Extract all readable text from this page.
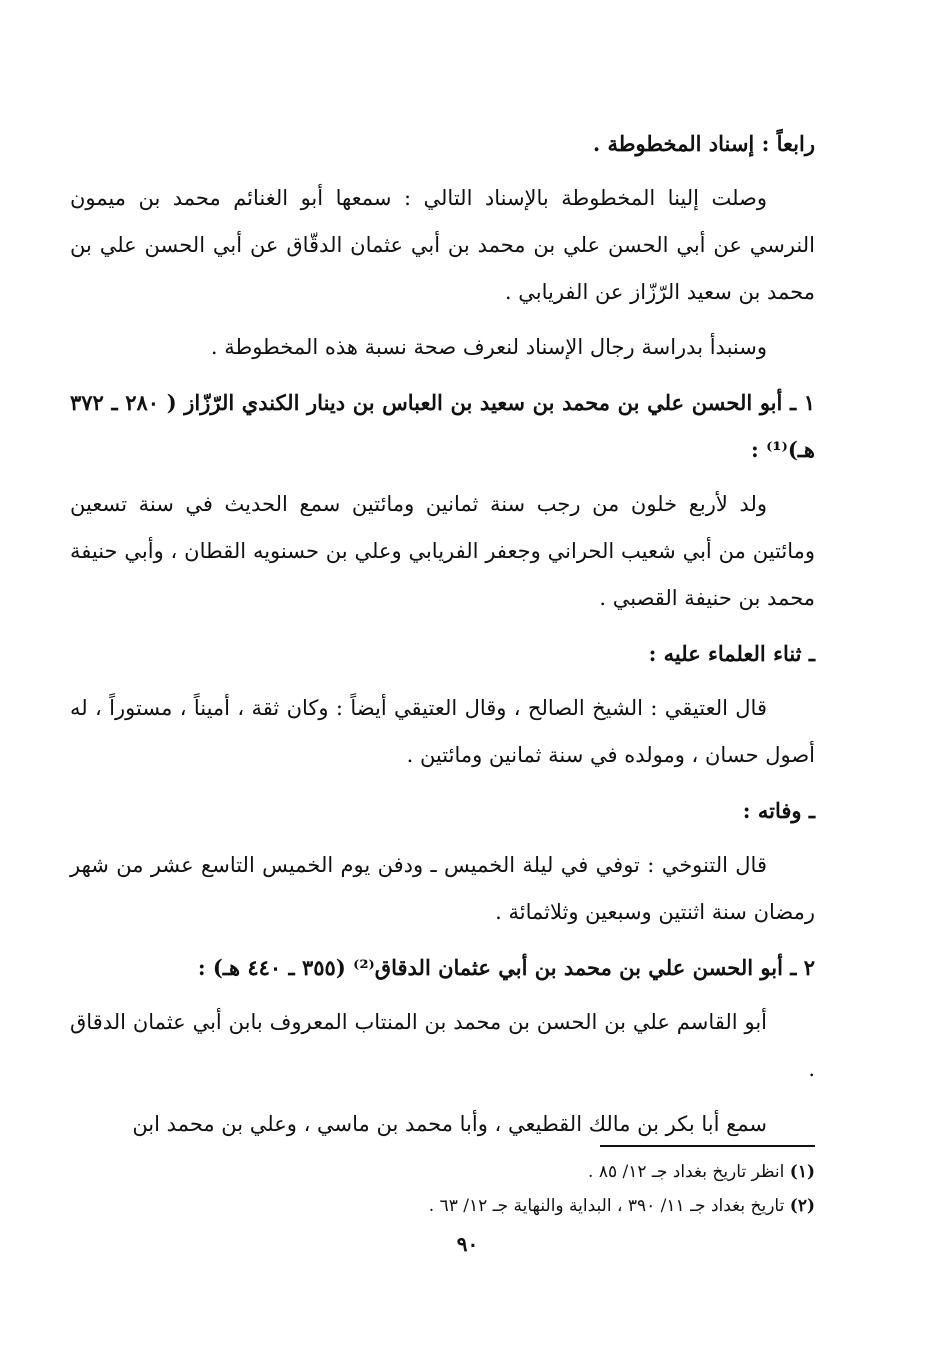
رابعاً : إسناد المخطوطة .

وصلت إلينا المخطوطة بالإسناد التالي : سمعها أبو الغنائم محمد بن ميمون النرسي عن أبي الحسن علي بن محمد بن أبي عثمان الدقّاق عن أبي الحسن علي بن محمد بن سعيد الرّزّاز عن الفريابي .

وسنبدأ بدراسة رجال الإسناد لنعرف صحة نسبة هذه المخطوطة .

١ ـ أبو الحسن علي بن محمد بن سعيد بن العباس بن دينار الكندي الرّزّاز ( ٢٨٠ ـ ٣٧٢ هـ)⁽¹⁾ :

ولد لأربع خلون من رجب سنة ثمانين ومائتين سمع الحديث في سنة تسعين ومائتين من أبي شعيب الحراني وجعفر الفريابي وعلي بن حسنويه القطان ، وأبي حنيفة محمد بن حنيفة القصبي .

ـ ثناء العلماء عليه :

قال العتيقي : الشيخ الصالح ، وقال العتيقي أيضاً : وكان ثقة ، أميناً ، مستوراً ، له أصول حسان ، ومولده في سنة ثمانين ومائتين .

ـ وفاته :

قال التنوخي : توفي في ليلة الخميس ـ ودفن يوم الخميس التاسع عشر من شهر رمضان سنة اثنتين وسبعين وثلاثمائة .

٢ ـ أبو الحسن علي بن محمد بن أبي عثمان الدقاق⁽²⁾ (٣٥٥ ـ ٤٤٠ هـ) :

أبو القاسم علي بن الحسن بن محمد بن المنتاب المعروف بابن أبي عثمان الدقاق .

سمع أبا بكر بن مالك القطيعي ، وأبا محمد بن ماسي ، وعلي بن محمد ابن

(١) انظر تاريخ بغداد جـ ١٢/ ٨٥ .

(٢) تاريخ بغداد جـ ١١/ ٣٩٠ ، البداية والنهاية جـ ١٢/ ٦٣ .

٩٠
